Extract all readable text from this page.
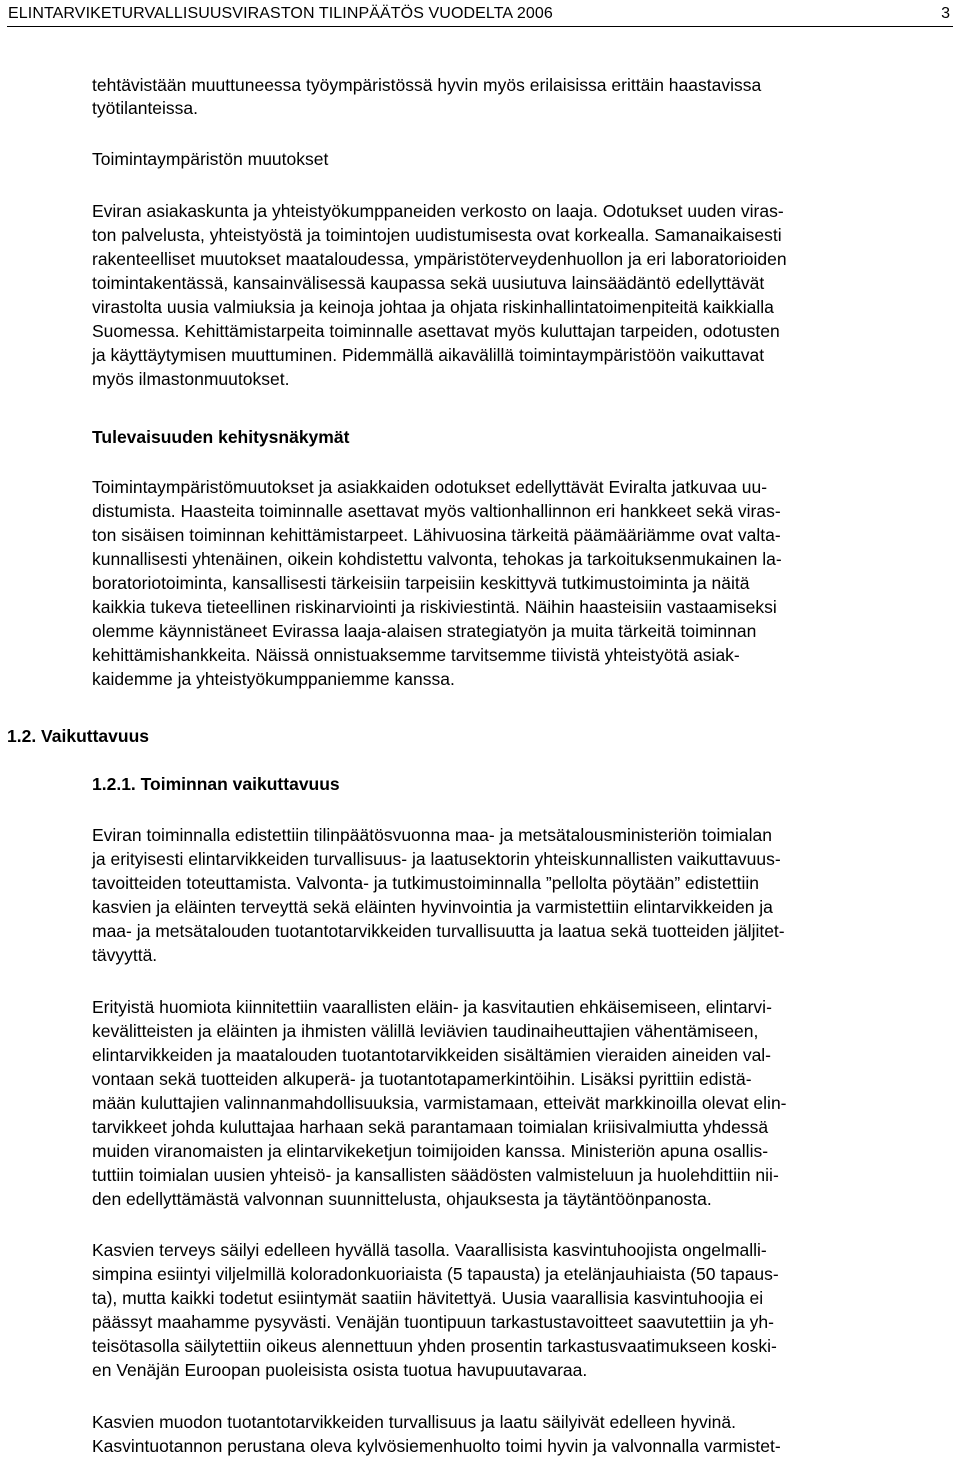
ELINTARVIKETURVALLISUUSVIRASTON TILINPÄÄTÖS VUODELTA 2006	3
tehtävistään muuttuneessa työympäristössä hyvin myös erilaisissa erittäin haastavissa
työtilanteissa.
Toimintaympäristön muutokset
Eviran asiakaskunta ja yhteistyökumppaneiden verkosto on laaja. Odotukset uuden viras-
ton palvelusta, yhteistyöstä ja toimintojen uudistumisesta ovat korkealla. Samanaikaisesti
rakenteelliset muutokset maataloudessa, ympäristöterveydenhuollon ja eri laboratorioiden
toimintakentässä, kansainvälisessä kaupassa sekä uusiutuva lainsäädäntö edellyttävät
virastolta uusia valmiuksia ja keinoja johtaa ja ohjata riskinhallintatoimenpiteitä kaikkialla
Suomessa. Kehittämistarpeita toiminnalle asettavat myös kuluttajan tarpeiden, odotusten
ja käyttäytymisen muuttuminen. Pidemmällä aikavälillä toimintaympäristöön vaikuttavat
myös ilmastonmuutokset.
Tulevaisuuden kehitysnäkymät
Toimintaympäristömuutokset ja asiakkaiden odotukset edellyttävät Eviralta jatkuvaa uu-
distumista. Haasteita toiminnalle asettavat myös valtionhallinnon eri hankkeet sekä viras-
ton sisäisen toiminnan kehittämistarpeet. Lähivuosina tärkeitä päämääriämme ovat valta-
kunnallisesti yhtenäinen, oikein kohdistettu valvonta, tehokas ja tarkoituksenmukainen la-
boratoriotoiminta, kansallisesti tärkeisiin tarpeisiin keskittyvä tutkimustoiminta ja näitä
kaikkia tukeva tieteellinen riskinarviointi ja riskiviestintä. Näihin haasteisiin vastaamiseksi
olemme käynnistäneet Evirassa laaja-alaisen strategiatyön ja muita tärkeitä toiminnan
kehittämishankkeita. Näissä onnistuaksemme tarvitsemme tiivistä yhteistyötä asiak-
kaidemme ja yhteistyökumppaniemme kanssa.
1.2. Vaikuttavuus
1.2.1. Toiminnan vaikuttavuus
Eviran toiminnalla edistettiin tilinpäätösvuonna maa- ja metsätalousministeriön toimialan
ja erityisesti elintarvikkeiden turvallisuus- ja laatusektorin yhteiskunnallisten vaikuttavuus-
tavoitteiden toteuttamista. Valvonta- ja tutkimustoiminnalla ”pellolta pöytään” edistettiin
kasvien ja eläinten terveyttä sekä eläinten hyvinvointia ja varmistettiin elintarvikkeiden ja
maa- ja metsätalouden tuotantotarvikkeiden turvallisuutta ja laatua sekä tuotteiden jäljitet-
tävyyttä.
Erityistä huomiota kiinnitettiin vaarallisten eläin- ja kasvitautien ehkäisemiseen, elintarvi-
kevälitteisten ja eläinten ja ihmisten välillä leviävien taudinaiheuttajien vähentämiseen,
elintarvikkeiden ja maatalouden tuotantotarvikkeiden sisältämien vieraiden aineiden val-
vontaan sekä tuotteiden alkuperä- ja tuotantotapamerkintöihin. Lisäksi pyrittiin edistä-
mään kuluttajien valinnanmahdollisuuksia, varmistamaan, etteivät markkinoilla olevat elin-
tarvikkeet johda kuluttajaa harhaan sekä parantamaan toimialan kriisivalmiutta yhdessä
muiden viranomaisten ja elintarvikeketjun toimijoiden kanssa. Ministeriön apuna osallis-
tuttiin toimialan uusien yhteisö- ja kansallisten säädösten valmisteluun ja huolehdittiin nii-
den edellyttämästä valvonnan suunnittelusta, ohjauksesta ja täytäntöönpanosta.
Kasvien terveys säilyi edelleen hyvällä tasolla. Vaarallisista kasvintuhoojista ongelmalli-
simpina esiintyi viljelmillä koloradonkuoriaista (5 tapausta) ja etelänjauhiaista (50 tapaus-
ta), mutta kaikki todetut esiintymät saatiin hävitettyä. Uusia vaarallisia kasvintuhoojia ei
päässyt maahamme pysyvästi. Venäjän tuontipuun tarkastustavoitteet saavutettiin ja yh-
teisötasolla säilytettiin oikeus alennettuun yhden prosentin tarkastusvaatimukseen koski-
en Venäjän Euroopan puoleisista osista tuotua havupuutavaraa.
Kasvien muodon tuotantotarvikkeiden turvallisuus ja laatu säilyivät edelleen hyvinä.
Kasvintuotannon perustana oleva kylvösiemenhuolto toimi hyvin ja valvonnalla varmistet-
